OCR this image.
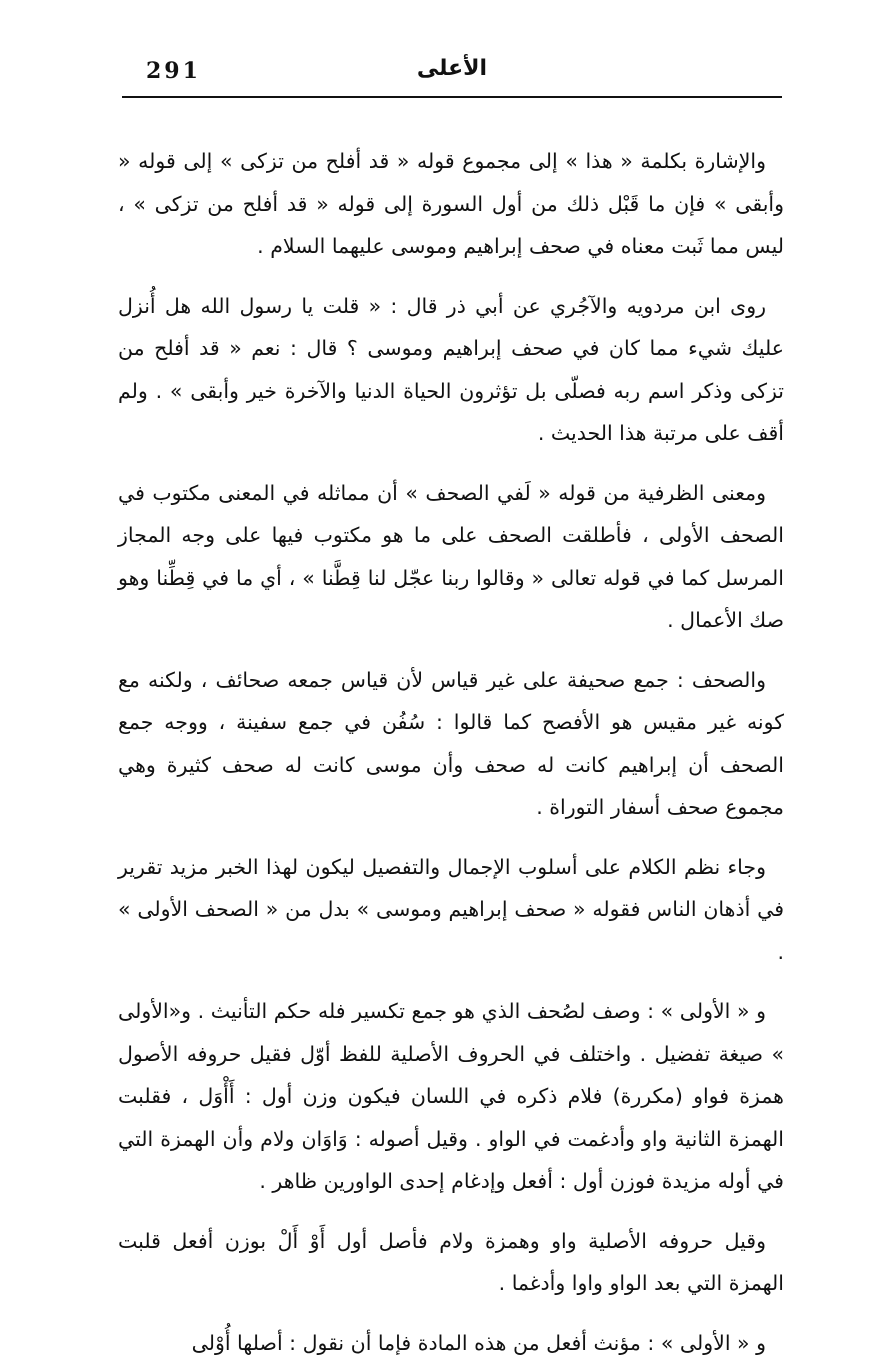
291	الأعلى

والإشارة بكلمة « هذا » إلى مجموع قوله « قد أفلح من تزكى » إلى قوله « وأبقى » فإن ما قَبْل ذلك من أول السورة إلى قوله « قد أفلح من تزكى » ، ليس مما ثَبت معناه في صحف إبراهيم وموسى عليهما السلام .

روى ابن مردويه والآجُري عن أبي ذر قال : « قلت يا رسول الله هل أُنزل عليك شيء مما كان في صحف إبراهيم وموسى ؟ قال : نعم « قد أفلح من تزكى وذكر اسم ربه فصلّى بل تؤثرون الحياة الدنيا والآخرة خير وأبقى » . ولم أقف على مرتبة هذا الحديث .

ومعنى الظرفية من قوله « لَفي الصحف » أن مماثله في المعنى مكتوب في الصحف الأولى ، فأطلقت الصحف على ما هو مكتوب فيها على وجه المجاز المرسل كما في قوله تعالى « وقالوا ربنا عجّل لنا قِطَّنا » ، أي ما في قِطِّنا وهو صك الأعمال .

والصحف : جمع صحيفة على غير قياس لأن قياس جمعه صحائف ، ولكنه مع كونه غير مقيس هو الأفصح كما قالوا : سُفُن في جمع سفينة ، ووجه جمع الصحف أن إبراهيم كانت له صحف وأن موسى كانت له صحف كثيرة وهي مجموع صحف أسفار التوراة .

وجاء نظم الكلام على أسلوب الإجمال والتفصيل ليكون لهذا الخبر مزيد تقرير في أذهان الناس فقوله « صحف إبراهيم وموسى » بدل من « الصحف الأولى » .

و « الأولى » : وصف لصُحف الذي هو جمع تكسير فله حكم التأنيث . و«الأولى » صيغة تفضيل . واختلف في الحروف الأصلية للفظ أوّل فقيل حروفه الأصول همزة فواو (مكررة) فلام ذكره في اللسان فيكون وزن أول : أَأْوَل ، فقلبت الهمزة الثانية واو وأدغمت في الواو . وقيل أصوله : وَاوَان ولام وأن الهمزة التي في أوله مزيدة فوزن أول : أفعل وإدغام إحدى الواورين ظاهر .

وقيل حروفه الأصلية واو وهمزة ولام فأصل أول أَوْ أَلْ بوزن أفعل قلبت الهمزة التي بعد الواو واوا وأدغما .

و « الأولى » : مؤنث أفعل من هذه المادة فإما أن نقول : أصلها أُوْلى
